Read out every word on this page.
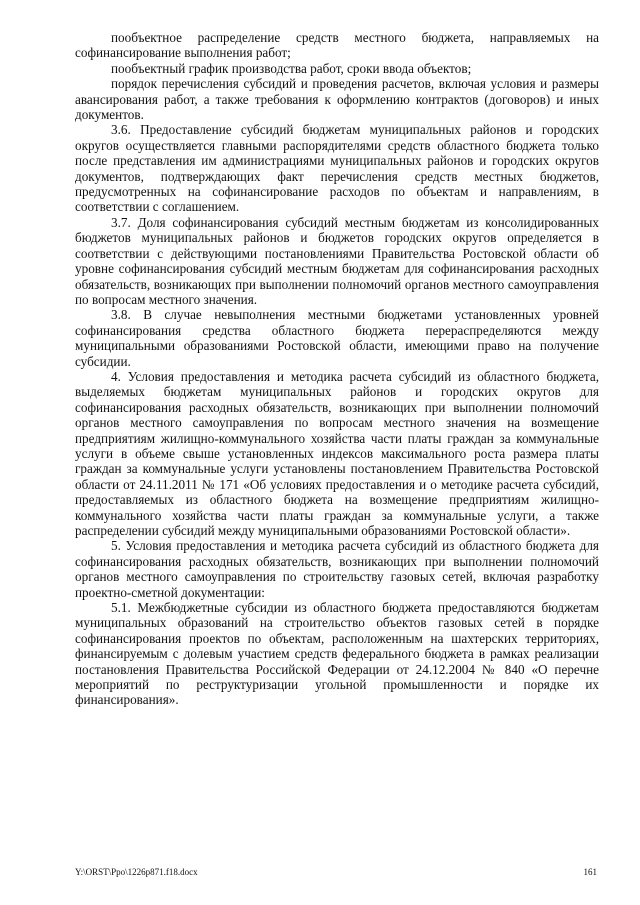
пообъектное распределение средств местного бюджета, направляемых на софинансирование выполнения работ;

пообъектный график производства работ, сроки ввода объектов;

порядок перечисления субсидий и проведения расчетов, включая условия и размеры авансирования работ, а также требования к оформлению контрактов (договоров) и иных документов.

3.6. Предоставление субсидий бюджетам муниципальных районов и городских округов осуществляется главными распорядителями средств областного бюджета только после представления им администрациями муниципальных районов и городских округов документов, подтверждающих факт перечисления средств местных бюджетов, предусмотренных на софинансирование расходов по объектам и направлениям, в соответствии с соглашением.

3.7. Доля софинансирования субсидий местным бюджетам из консолидированных бюджетов муниципальных районов и бюджетов городских округов определяется в соответствии с действующими постановлениями Правительства Ростовской области об уровне софинансирования субсидий местным бюджетам для софинансирования расходных обязательств, возникающих при выполнении полномочий органов местного самоуправления по вопросам местного значения.

3.8. В случае невыполнения местными бюджетами установленных уровней софинансирования средства областного бюджета перераспределяются между муниципальными образованиями Ростовской области, имеющими право на получение субсидии.

4. Условия предоставления и методика расчета субсидий из областного бюджета, выделяемых бюджетам муниципальных районов и городских округов для софинансирования расходных обязательств, возникающих при выполнении полномочий органов местного самоуправления по вопросам местного значения на возмещение предприятиям жилищно-коммунального хозяйства части платы граждан за коммунальные услуги в объеме свыше установленных индексов максимального роста размера платы граждан за коммунальные услуги установлены постановлением Правительства Ростовской области от 24.11.2011 № 171 «Об условиях предоставления и о методике расчета субсидий, предоставляемых из областного бюджета на возмещение предприятиям жилищно-коммунального хозяйства части платы граждан за коммунальные услуги, а также распределении субсидий между муниципальными образованиями Ростовской области».

5. Условия предоставления и методика расчета субсидий из областного бюджета для софинансирования расходных обязательств, возникающих при выполнении полномочий органов местного самоуправления по строительству газовых сетей, включая разработку проектно-сметной документации:

5.1. Межбюджетные субсидии из областного бюджета предоставляются бюджетам муниципальных образований на строительство объектов газовых сетей в порядке софинансирования проектов по объектам, расположенным на шахтерских территориях, финансируемым с долевым участием средств федерального бюджета в рамках реализации постановления Правительства Российской Федерации от 24.12.2004 № 840 «О перечне мероприятий по реструктуризации угольной промышленности и порядке их финансирования».

Y:\ORST\Ppo\1226p871.f18.docx	161
